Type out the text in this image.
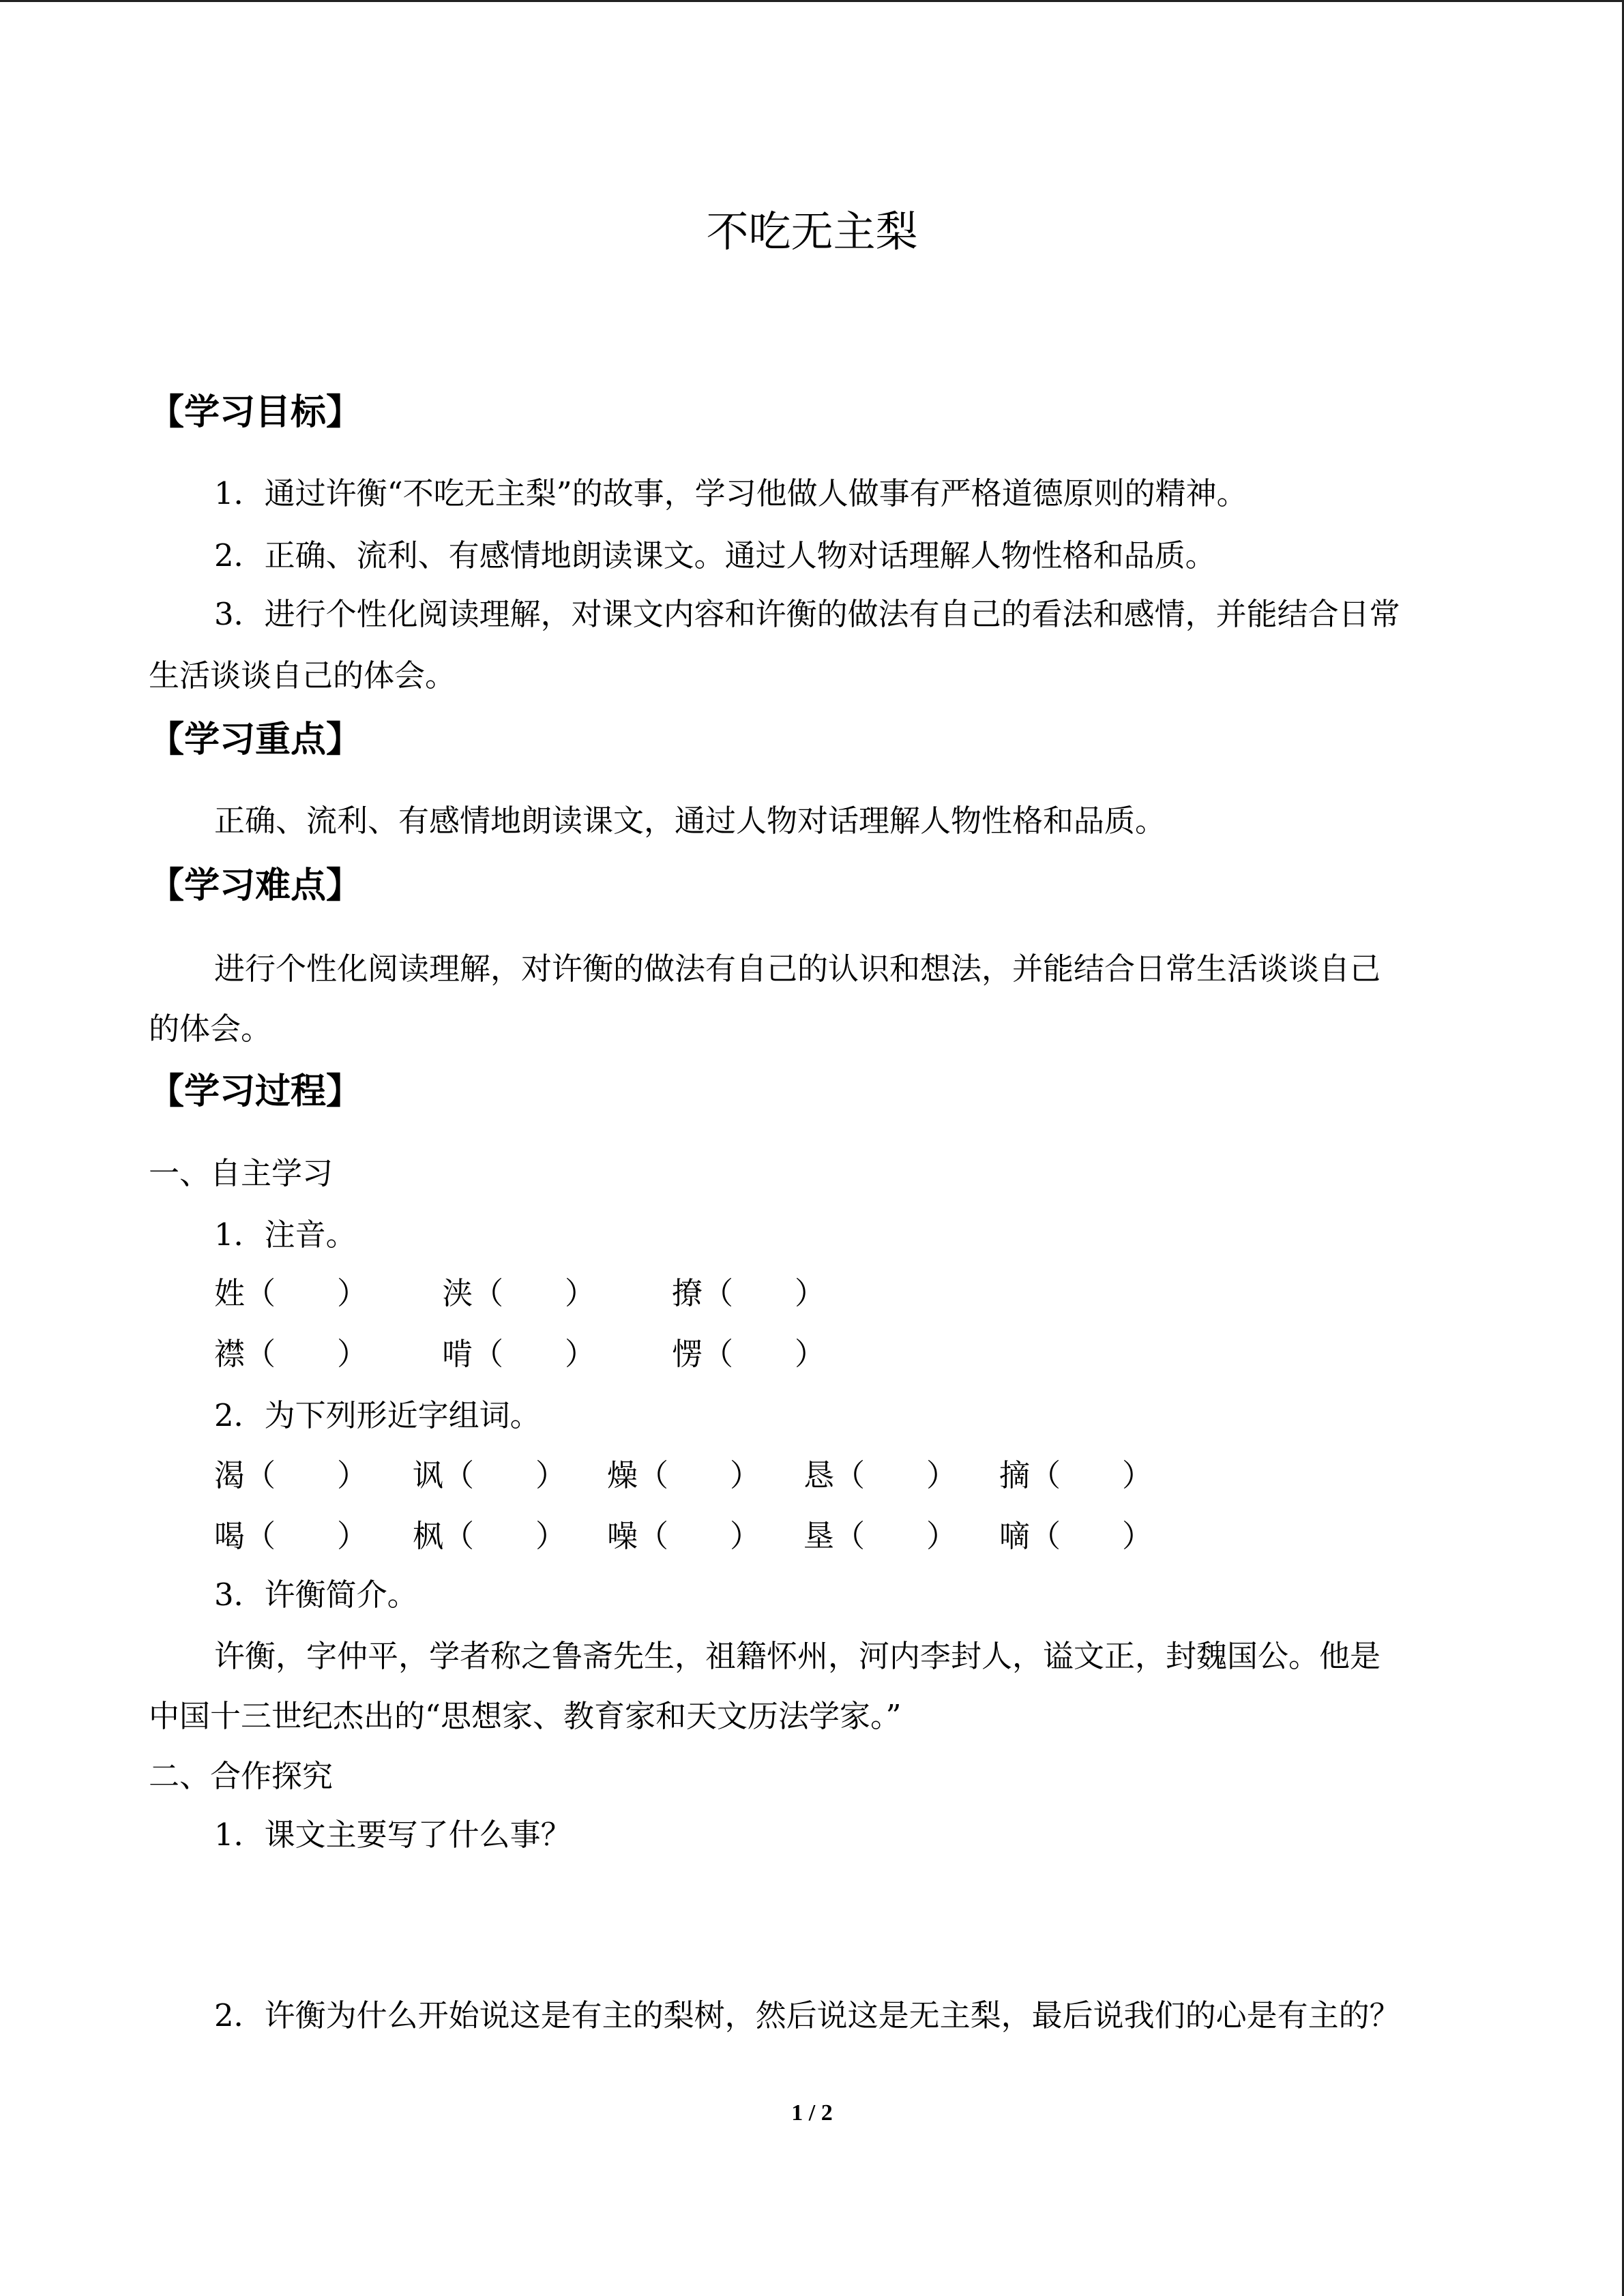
不吃无主梨
【学习目标】
1．通过许衡“不吃无主梨”的故事，学习他做人做事有严格道德原则的精神。
2．正确、流利、有感情地朗读课文。通过人物对话理解人物性格和品质。
3．进行个性化阅读理解，对课文内容和许衡的做法有自己的看法和感情，并能结合日常
生活谈谈自己的体会。
【学习重点】
正确、流利、有感情地朗读课文，通过人物对话理解人物性格和品质。
【学习难点】
进行个性化阅读理解，对许衡的做法有自己的认识和想法，并能结合日常生活谈谈自己
的体会。
【学习过程】
一、自主学习
1．注音。
姓（　　） 浃（　　） 撩（　　）
襟（　　） 啃（　　） 愣（　　）
2．为下列形近字组词。
渴（　　） 讽（　　） 燥（　　） 恳（　　） 摘（　　）
喝（　　） 枫（　　） 噪（　　） 垦（　　） 嘀（　　）
3．许衡简介。
许衡，字仲平，学者称之鲁斋先生，祖籍怀州，河内李封人，谥文正，封魏国公。他是
中国十三世纪杰出的“思想家、教育家和天文历法学家。”
二、合作探究
1．课文主要写了什么事？
2．许衡为什么开始说这是有主的梨树，然后说这是无主梨，最后说我们的心是有主的？
1 / 2
